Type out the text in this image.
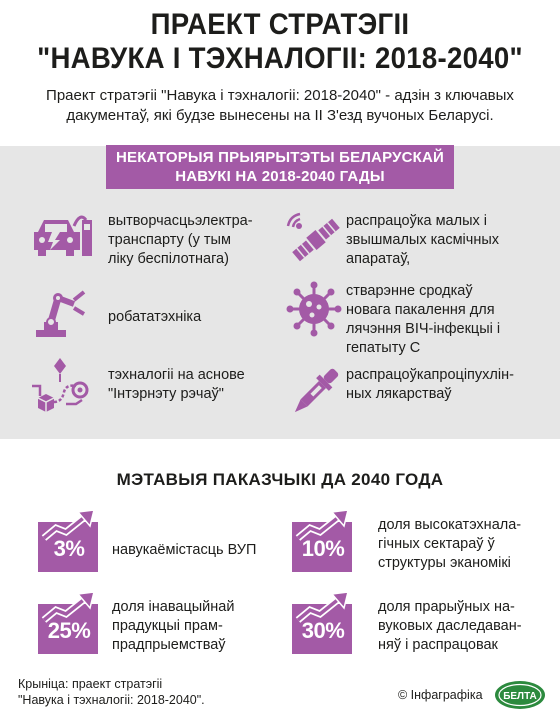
ПРАЕКТ СТРАТЭГІІ
"НАВУКА І ТЭХНАЛОГІІ: 2018-2040"
Праект стратэгіі "Навука і тэхналогіі: 2018-2040" - адзін з ключавых
дакументаў, які будзе вынесены на ІІ З'езд вучоных Беларусі.
НЕКАТОРЫЯ ПРЫЯРЫТЭТЫ БЕЛАРУСКАЙ
НАВУКІ НА 2018-2040 ГАДЫ
вытворчасцьэлектра-
транспарту (у тым
ліку беспілотнага)
распрацоўка малых і
звышмалых касмічных
апаратаў,
робататэхніка
стварэнне сродкаў
новага пакалення для
лячэння ВІЧ-інфекцыі і
гепатыту С
тэхналогіі на аснове
"Інтэрнэту рэчаў"
распрацоўкапроціпухлін-
ных лякарстваў
МЭТАВЫЯ ПАКАЗЧЫКІ ДА 2040 ГОДА
3%	навукаёмістасць ВУП	10%
доля высокатэхнала-
гічных сектараў ў
структуры эканомікі
25%
доля інавацыйнай
прадукцыі прам-
прадпрыемстваў
30%
доля прарыўных на-
вуковых даследаван-
няў і распрацовак
Крыніца: праект стратэгіі
"Навука і тэхналогіі: 2018-2040".	© Інфаграфіка БЕЛТА
